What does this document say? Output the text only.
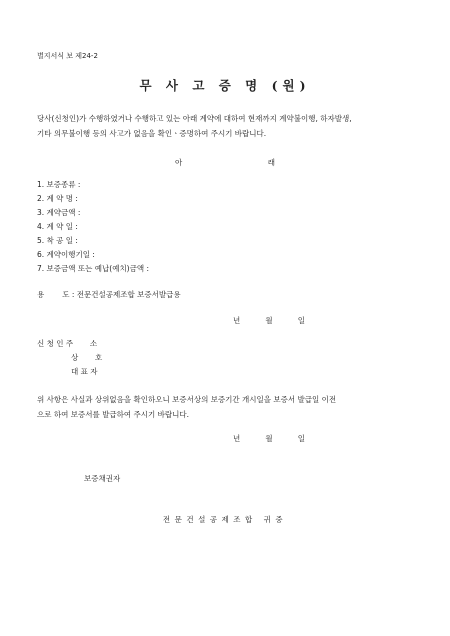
별지서식 보 제24-2
무 사 고 증 명 (원)
당사(신청인)가 수행하였거나 수행하고 있는 아래 계약에 대하여 현재까지 계약불이행, 하자발생,
기타 의무불이행 등의 사고가 없음을 확인ㆍ증명하여 주시기 바랍니다.
아	래
1. 보증종류 :
2. 계 약 명 :
3. 계약금액 :
4. 계 약 일 :
5. 착 공 일 :
6. 계약이행기일 :
7. 보증금액 또는 예납(예치)금액 :
용 도 : 전문건설공제조합 보증서발급용
년	월	일
신 청 인 주 소
상 호
대 표 자
위 사항은 사실과 상위없음을 확인하오니 보증서상의 보증기간 개시일을 보증서 발급일 이전
으로 하여 보증서를 발급하여 주시기 바랍니다.
년	월	일
보증채권자
전문건설공제조합 귀중
